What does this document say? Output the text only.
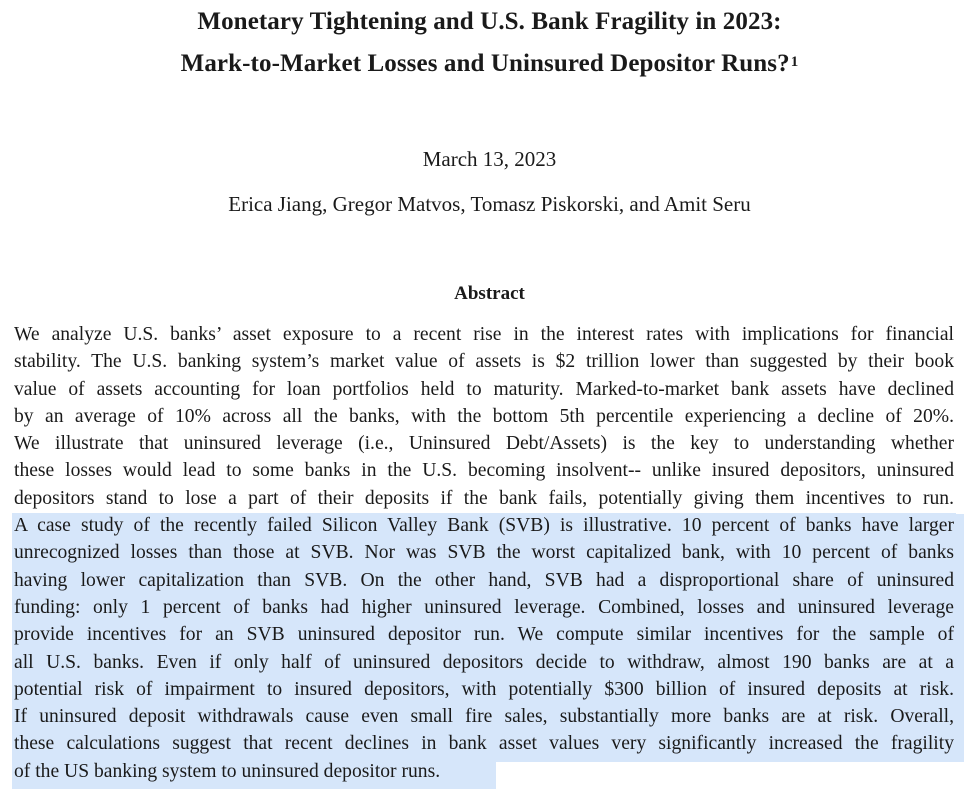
Monetary Tightening and U.S. Bank Fragility in 2023:
Mark-to-Market Losses and Uninsured Depositor Runs?$^1$
March 13, 2023
Erica Jiang, Gregor Matvos, Tomasz Piskorski, and Amit Seru
Abstract
We analyze U.S. banks’ asset exposure to a recent rise in the interest rates with implications for financial
stability. The U.S. banking system’s market value of assets is $2 trillion lower than suggested by their book
value of assets accounting for loan portfolios held to maturity. Marked-to-market bank assets have declined
by an average of 10% across all the banks, with the bottom 5th percentile experiencing a decline of 20%.
We illustrate that uninsured leverage (i.e., Uninsured Debt/Assets) is the key to understanding whether
these losses would lead to some banks in the U.S. becoming insolvent-- unlike insured depositors, uninsured
depositors stand to lose a part of their deposits if the bank fails, potentially giving them incentives to run.
A case study of the recently failed Silicon Valley Bank (SVB) is illustrative. 10 percent of banks have larger
unrecognized losses than those at SVB. Nor was SVB the worst capitalized bank, with 10 percent of banks
having lower capitalization than SVB. On the other hand, SVB had a disproportional share of uninsured
funding: only 1 percent of banks had higher uninsured leverage. Combined, losses and uninsured leverage
provide incentives for an SVB uninsured depositor run. We compute similar incentives for the sample of
all U.S. banks. Even if only half of uninsured depositors decide to withdraw, almost 190 banks are at a
potential risk of impairment to insured depositors, with potentially $300 billion of insured deposits at risk.
If uninsured deposit withdrawals cause even small fire sales, substantially more banks are at risk. Overall,
these calculations suggest that recent declines in bank asset values very significantly increased the fragility
of the US banking system to uninsured depositor runs.
